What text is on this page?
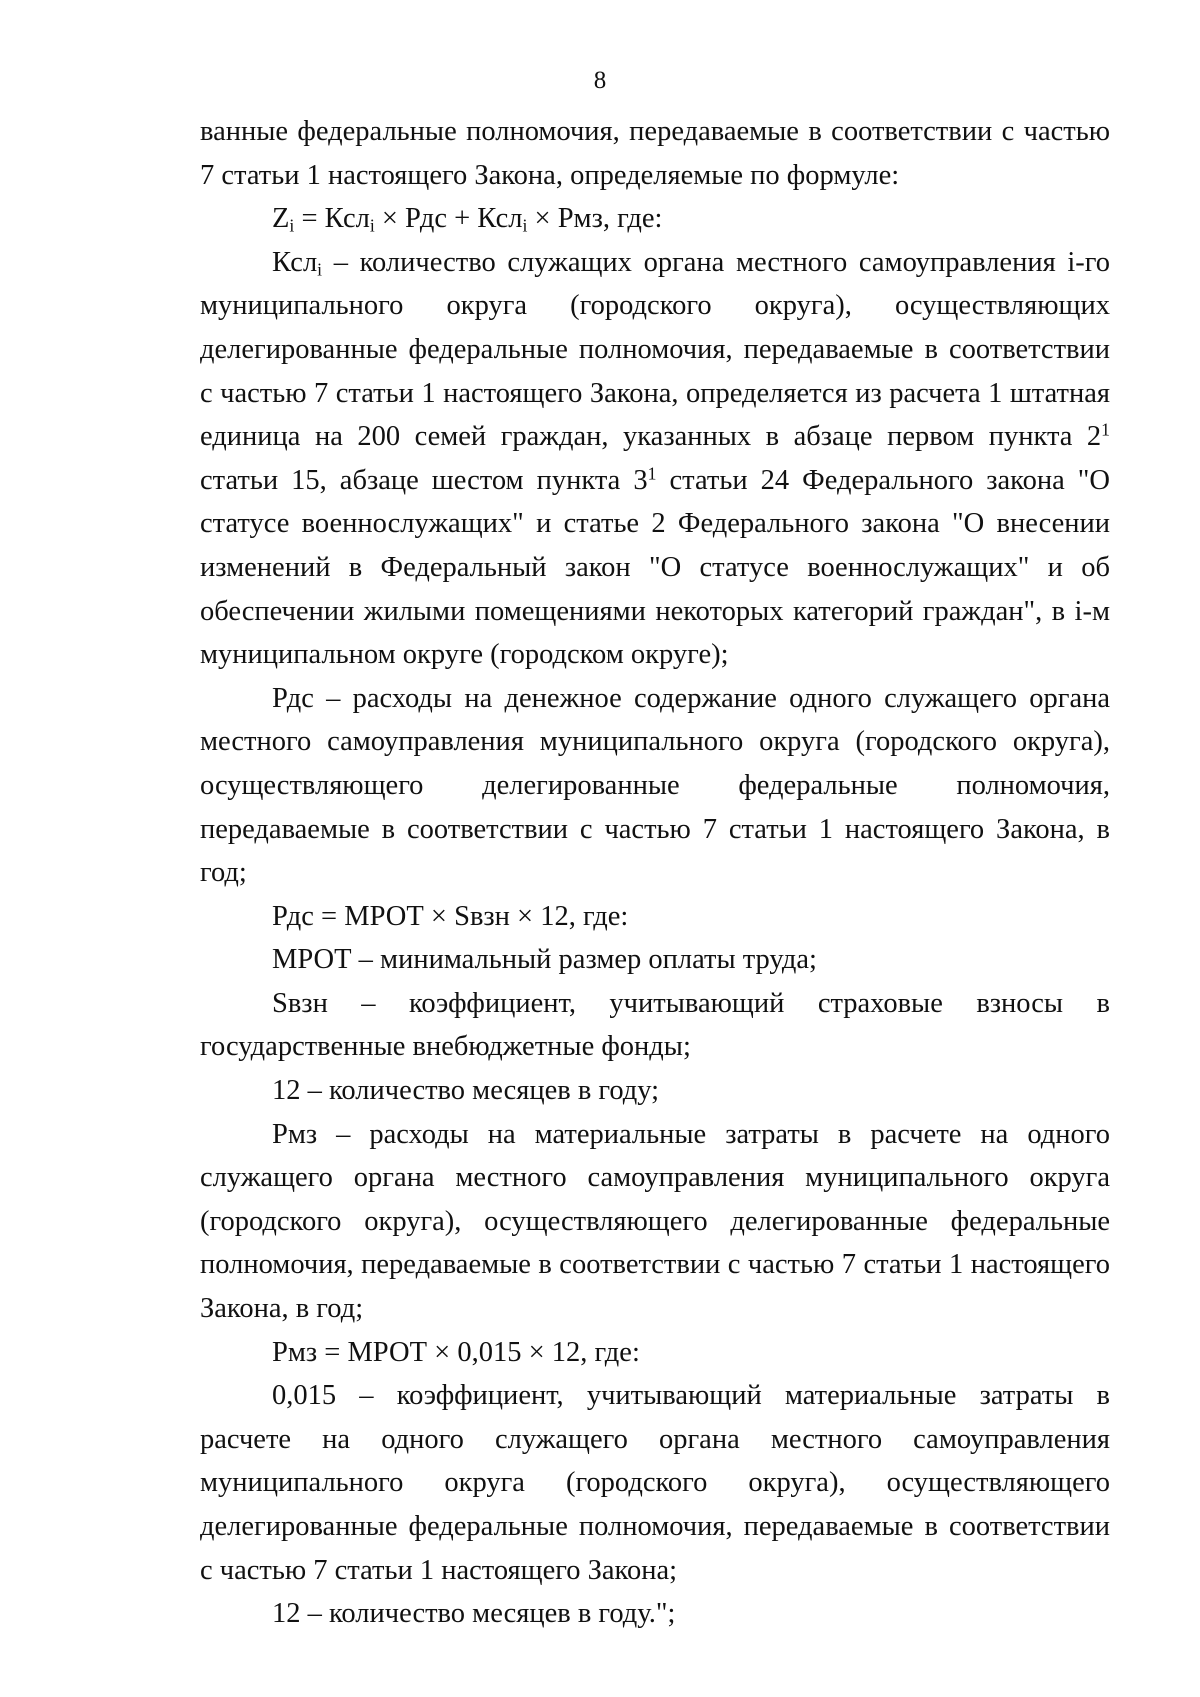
8

ванные федеральные полномочия, передаваемые в соответствии с частью 7 статьи 1 настоящего Закона, определяемые по формуле:

$Z_i = Ксл_i$ × Рдс + Ксл$_i$ × Рмз, где:

Ксл$_i$ – количество служащих органа местного самоуправления i-го муниципального округа (городского округа), осуществляющих делегированные федеральные полномочия, передаваемые в соответствии с частью 7 статьи 1 настоящего Закона, определяется из расчета 1 штатная единица на 200 семей граждан, указанных в абзаце первом пункта $2^1$ статьи 15, абзаце шестом пункта $3^1$ статьи 24 Федерального закона "О статусе военнослужащих" и статье 2 Федерального закона "О внесении изменений в Федеральный закон "О статусе военнослужащих" и об обеспечении жилыми помещениями некоторых категорий граждан", в i-м муниципальном округе (городском округе);

Рдс – расходы на денежное содержание одного служащего органа местного самоуправления муниципального округа (городского округа), осуществляющего делегированные федеральные полномочия, передаваемые в соответствии с частью 7 статьи 1 настоящего Закона, в год;

Рдс = МРОТ × Sвзн × 12, где:

МРОТ – минимальный размер оплаты труда;

Sвзн – коэффициент, учитывающий страховые взносы в государственные внебюджетные фонды;

12 – количество месяцев в году;

Рмз – расходы на материальные затраты в расчете на одного служащего органа местного самоуправления муниципального округа (городского округа), осуществляющего делегированные федеральные полномочия, передаваемые в соответствии с частью 7 статьи 1 настоящего Закона, в год;

Рмз = МРОТ × 0,015 × 12, где:

0,015 – коэффициент, учитывающий материальные затраты в расчете на одного служащего органа местного самоуправления муниципального округа (городского округа), осуществляющего делегированные федеральные полномочия, передаваемые в соответствии с частью 7 статьи 1 настоящего Закона;

12 – количество месяцев в году.";
